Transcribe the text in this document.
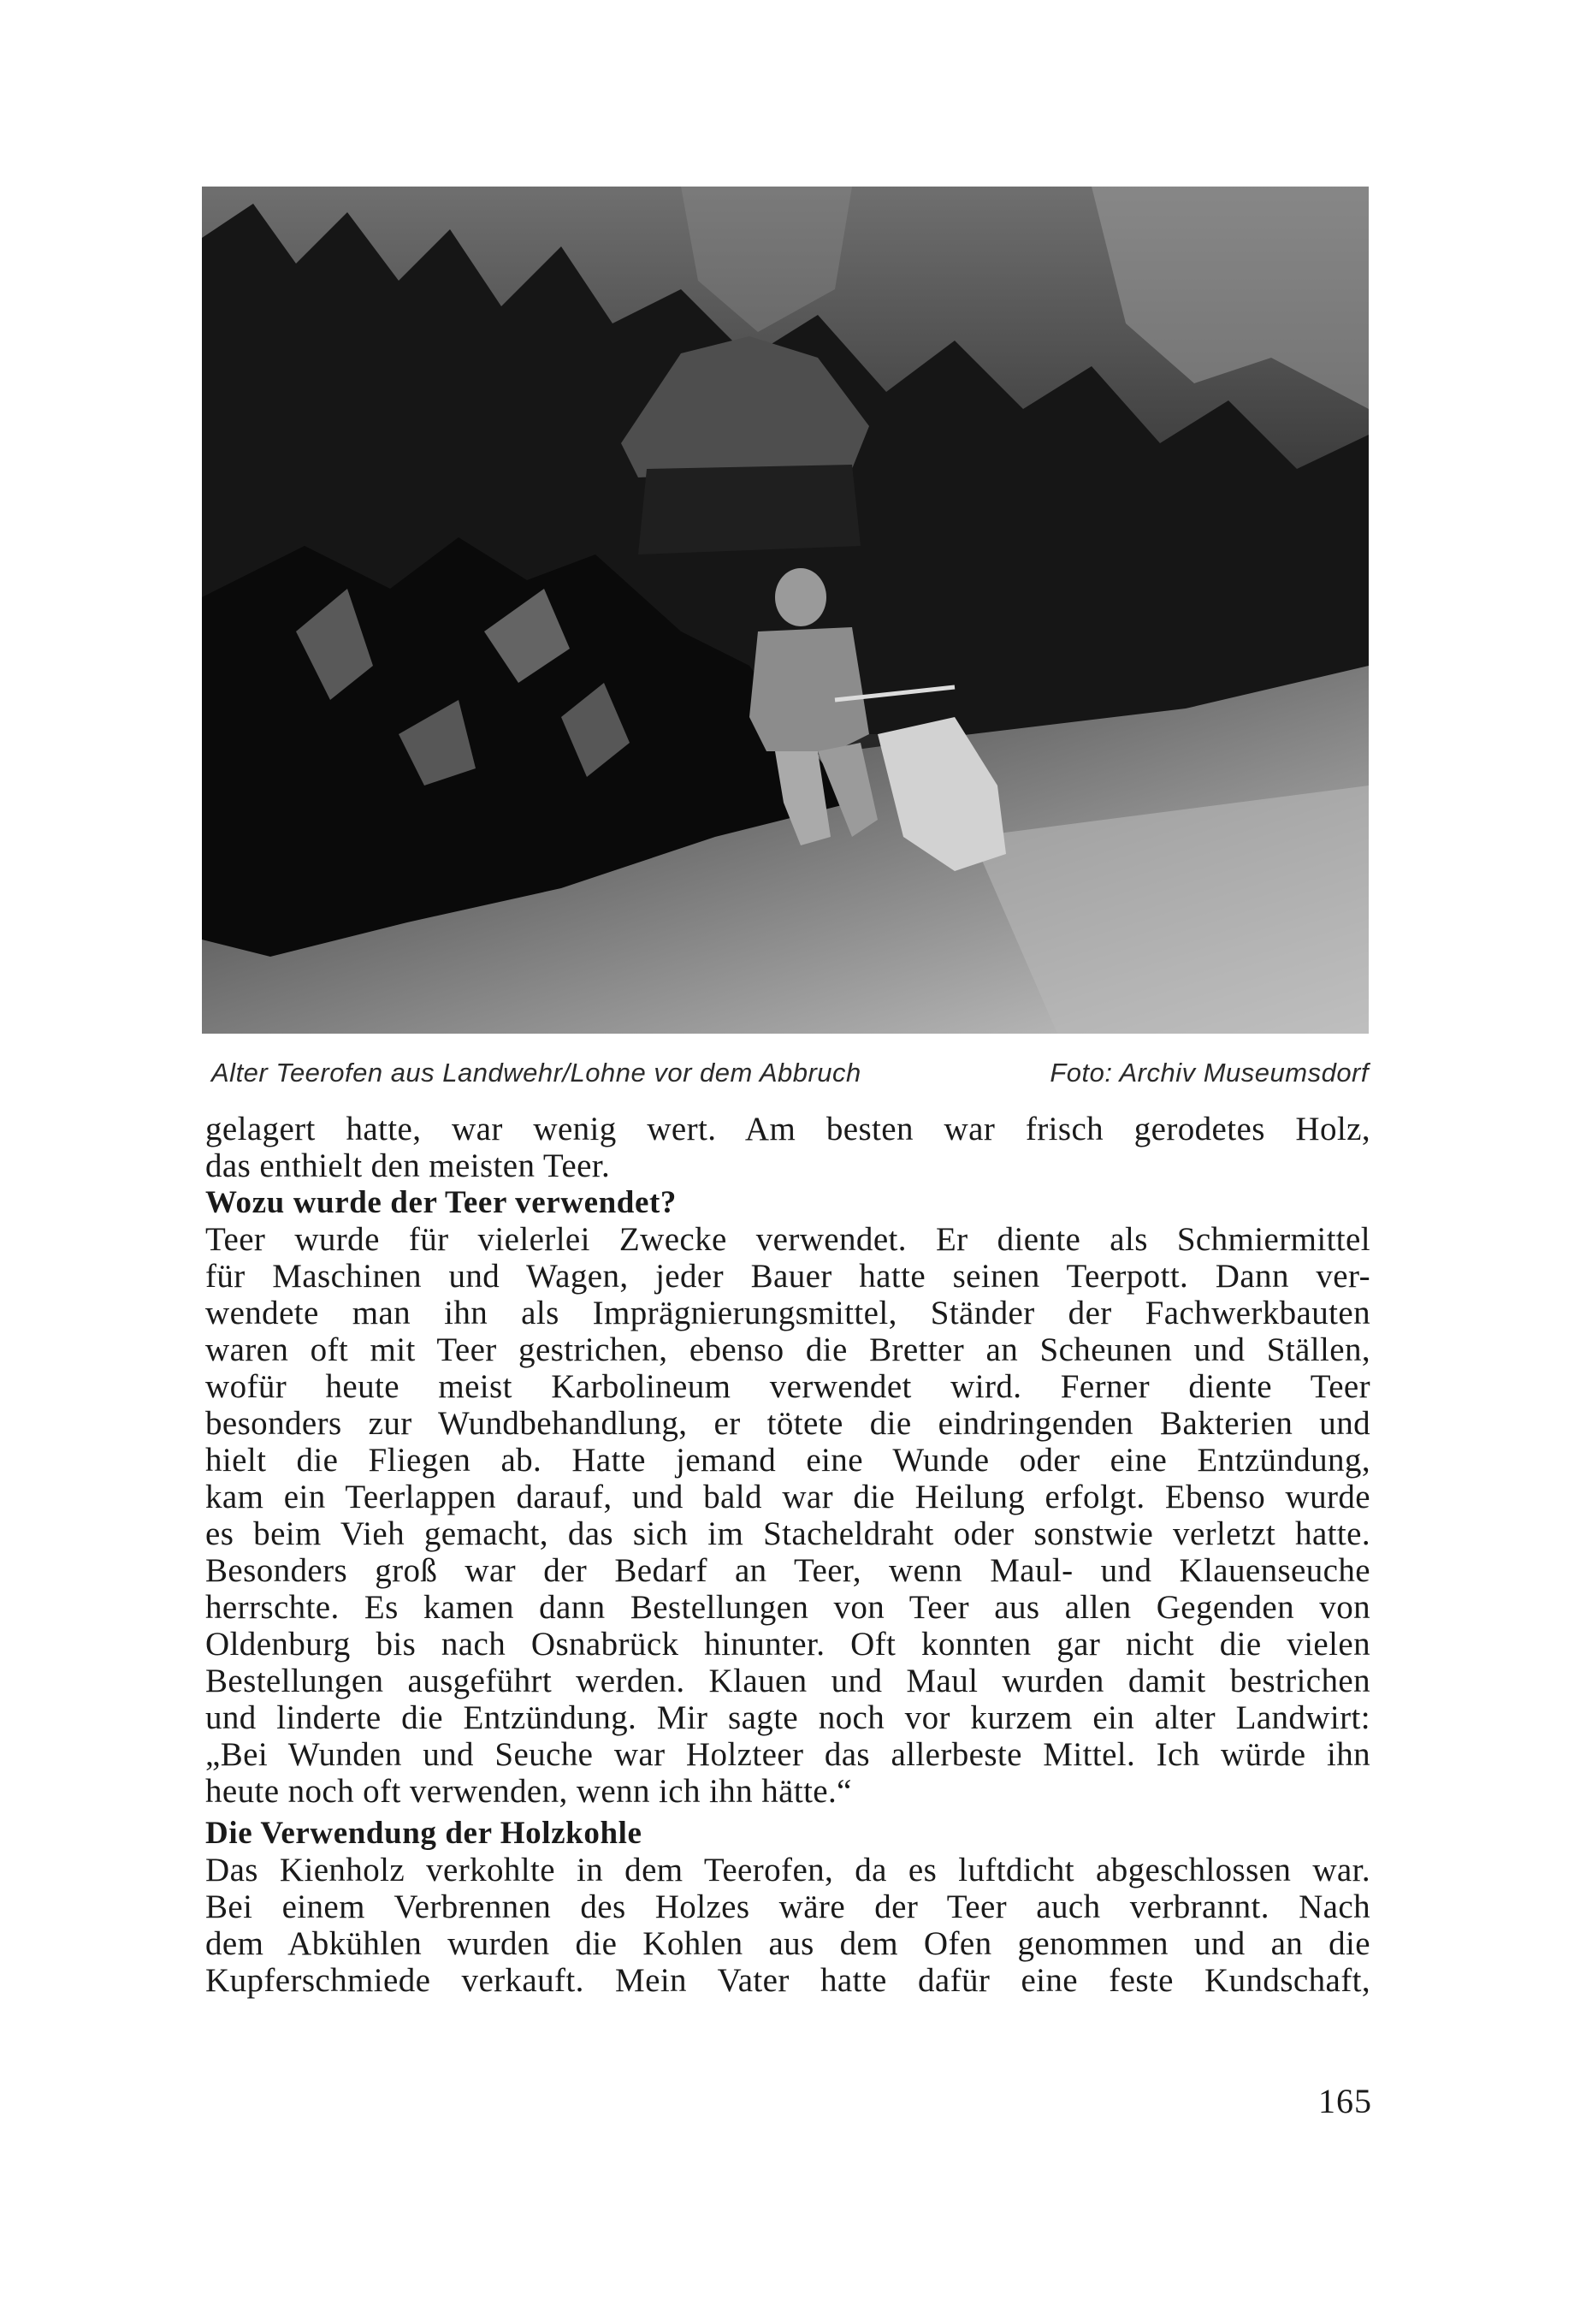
Alter Teerofen aus Landwehr/Lohne vor dem Abbruch	Foto: Archiv Museumsdorf
gelagert hatte, war wenig wert. Am besten war frisch gerodetes Holz,
das enthielt den meisten Teer.
Wozu wurde der Teer verwendet?
Teer wurde für vielerlei Zwecke verwendet. Er diente als Schmiermittel
für Maschinen und Wagen, jeder Bauer hatte seinen Teerpott. Dann ver-
wendete man ihn als Imprägnierungsmittel, Ständer der Fachwerkbauten
waren oft mit Teer gestrichen, ebenso die Bretter an Scheunen und Ställen,
wofür heute meist Karbolineum verwendet wird. Ferner diente Teer
besonders zur Wundbehandlung, er tötete die eindringenden Bakterien und
hielt die Fliegen ab. Hatte jemand eine Wunde oder eine Entzündung,
kam ein Teerlappen darauf, und bald war die Heilung erfolgt. Ebenso wurde
es beim Vieh gemacht, das sich im Stacheldraht oder sonstwie verletzt hatte.
Besonders groß war der Bedarf an Teer, wenn Maul- und Klauenseuche
herrschte. Es kamen dann Bestellungen von Teer aus allen Gegenden von
Oldenburg bis nach Osnabrück hinunter. Oft konnten gar nicht die vielen
Bestellungen ausgeführt werden. Klauen und Maul wurden damit bestrichen
und linderte die Entzündung. Mir sagte noch vor kurzem ein alter Landwirt:
„Bei Wunden und Seuche war Holzteer das allerbeste Mittel. Ich würde ihn
heute noch oft verwenden, wenn ich ihn hätte.“
Die Verwendung der Holzkohle
Das Kienholz verkohlte in dem Teerofen, da es luftdicht abgeschlossen war.
Bei einem Verbrennen des Holzes wäre der Teer auch verbrannt. Nach
dem Abkühlen wurden die Kohlen aus dem Ofen genommen und an die
Kupferschmiede verkauft. Mein Vater hatte dafür eine feste Kundschaft,
165
